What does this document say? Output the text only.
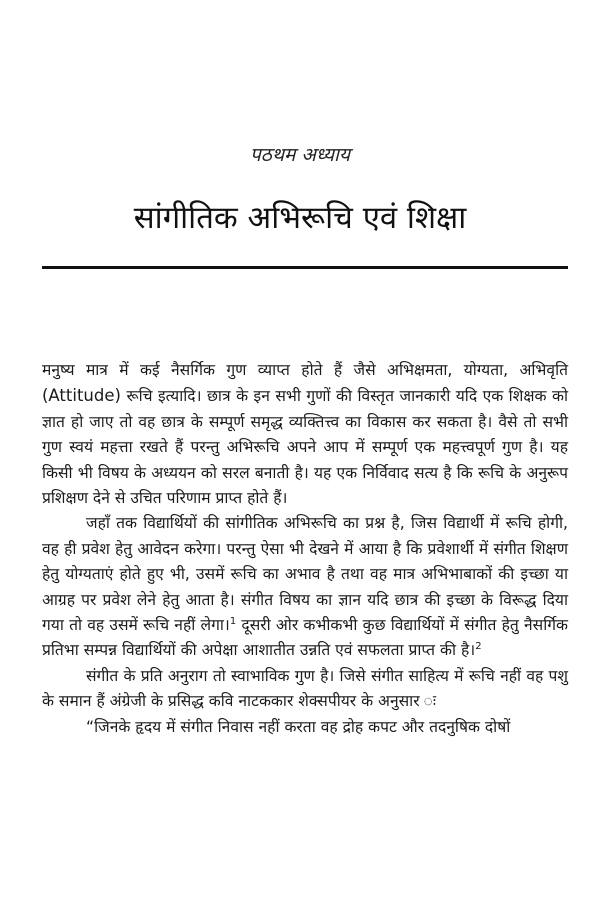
पठथम अध्याय
सांगीतिक अभिरूचि एवं शिक्षा

मनुष्य मात्र में कई नैसर्गिक गुण व्याप्त होते हैं जैसे अभिक्षमता, योग्यता, अभिवृति (Attitude) रूचि इत्यादि। छात्र के इन सभी गुणों की विस्तृत जानकारी यदि एक शिक्षक को ज्ञात हो जाए तो वह छात्र के सम्पूर्ण समृद्ध व्यक्तित्त्व का विकास कर सकता है। वैसे तो सभी गुण स्वयं महत्ता रखते हैं परन्तु अभिरूचि अपने आप में सम्पूर्ण एक महत्त्वपूर्ण गुण है। यह किसी भी विषय के अध्ययन को सरल बनाती है। यह एक निर्विवाद सत्य है कि रूचि के अनुरूप प्रशिक्षण देने से उचित परिणाम प्राप्त होते हैं।

जहाँ तक विद्यार्थियों की सांगीतिक अभिरूचि का प्रश्न है, जिस विद्यार्थी में रूचि होगी, वह ही प्रवेश हेतु आवेदन करेगा। परन्तु ऐसा भी देखने में आया है कि प्रवेशार्थी में संगीत शिक्षण हेतु योग्यताएं होते हुए भी, उसमें रूचि का अभाव है तथा वह मात्र अभिभाबाकों की इच्छा या आग्रह पर प्रवेश लेने हेतु आता है। संगीत विषय का ज्ञान यदि छात्र की इच्छा के विरूद्ध दिया गया तो वह उसमें रूचि नहीं लेगा।$^1$ दूसरी ओर कभीकभी कुछ विद्यार्थियों में संगीत हेतु नैसर्गिक प्रतिभा सम्पन्न विद्यार्थियों की अपेक्षा आशातीत उन्नति एवं सफलता प्राप्त की है।$^2$

संगीत के प्रति अनुराग तो स्वाभाविक गुण है। जिसे संगीत साहित्य में रूचि नहीं वह पशु के समान हैं अंग्रेजी के प्रसिद्ध कवि नाटककार शेक्सपीयर के अनुसार ः

“जिनके हृदय में संगीत निवास नहीं करता वह द्रोह कपट और तदनुषिक दोषों
